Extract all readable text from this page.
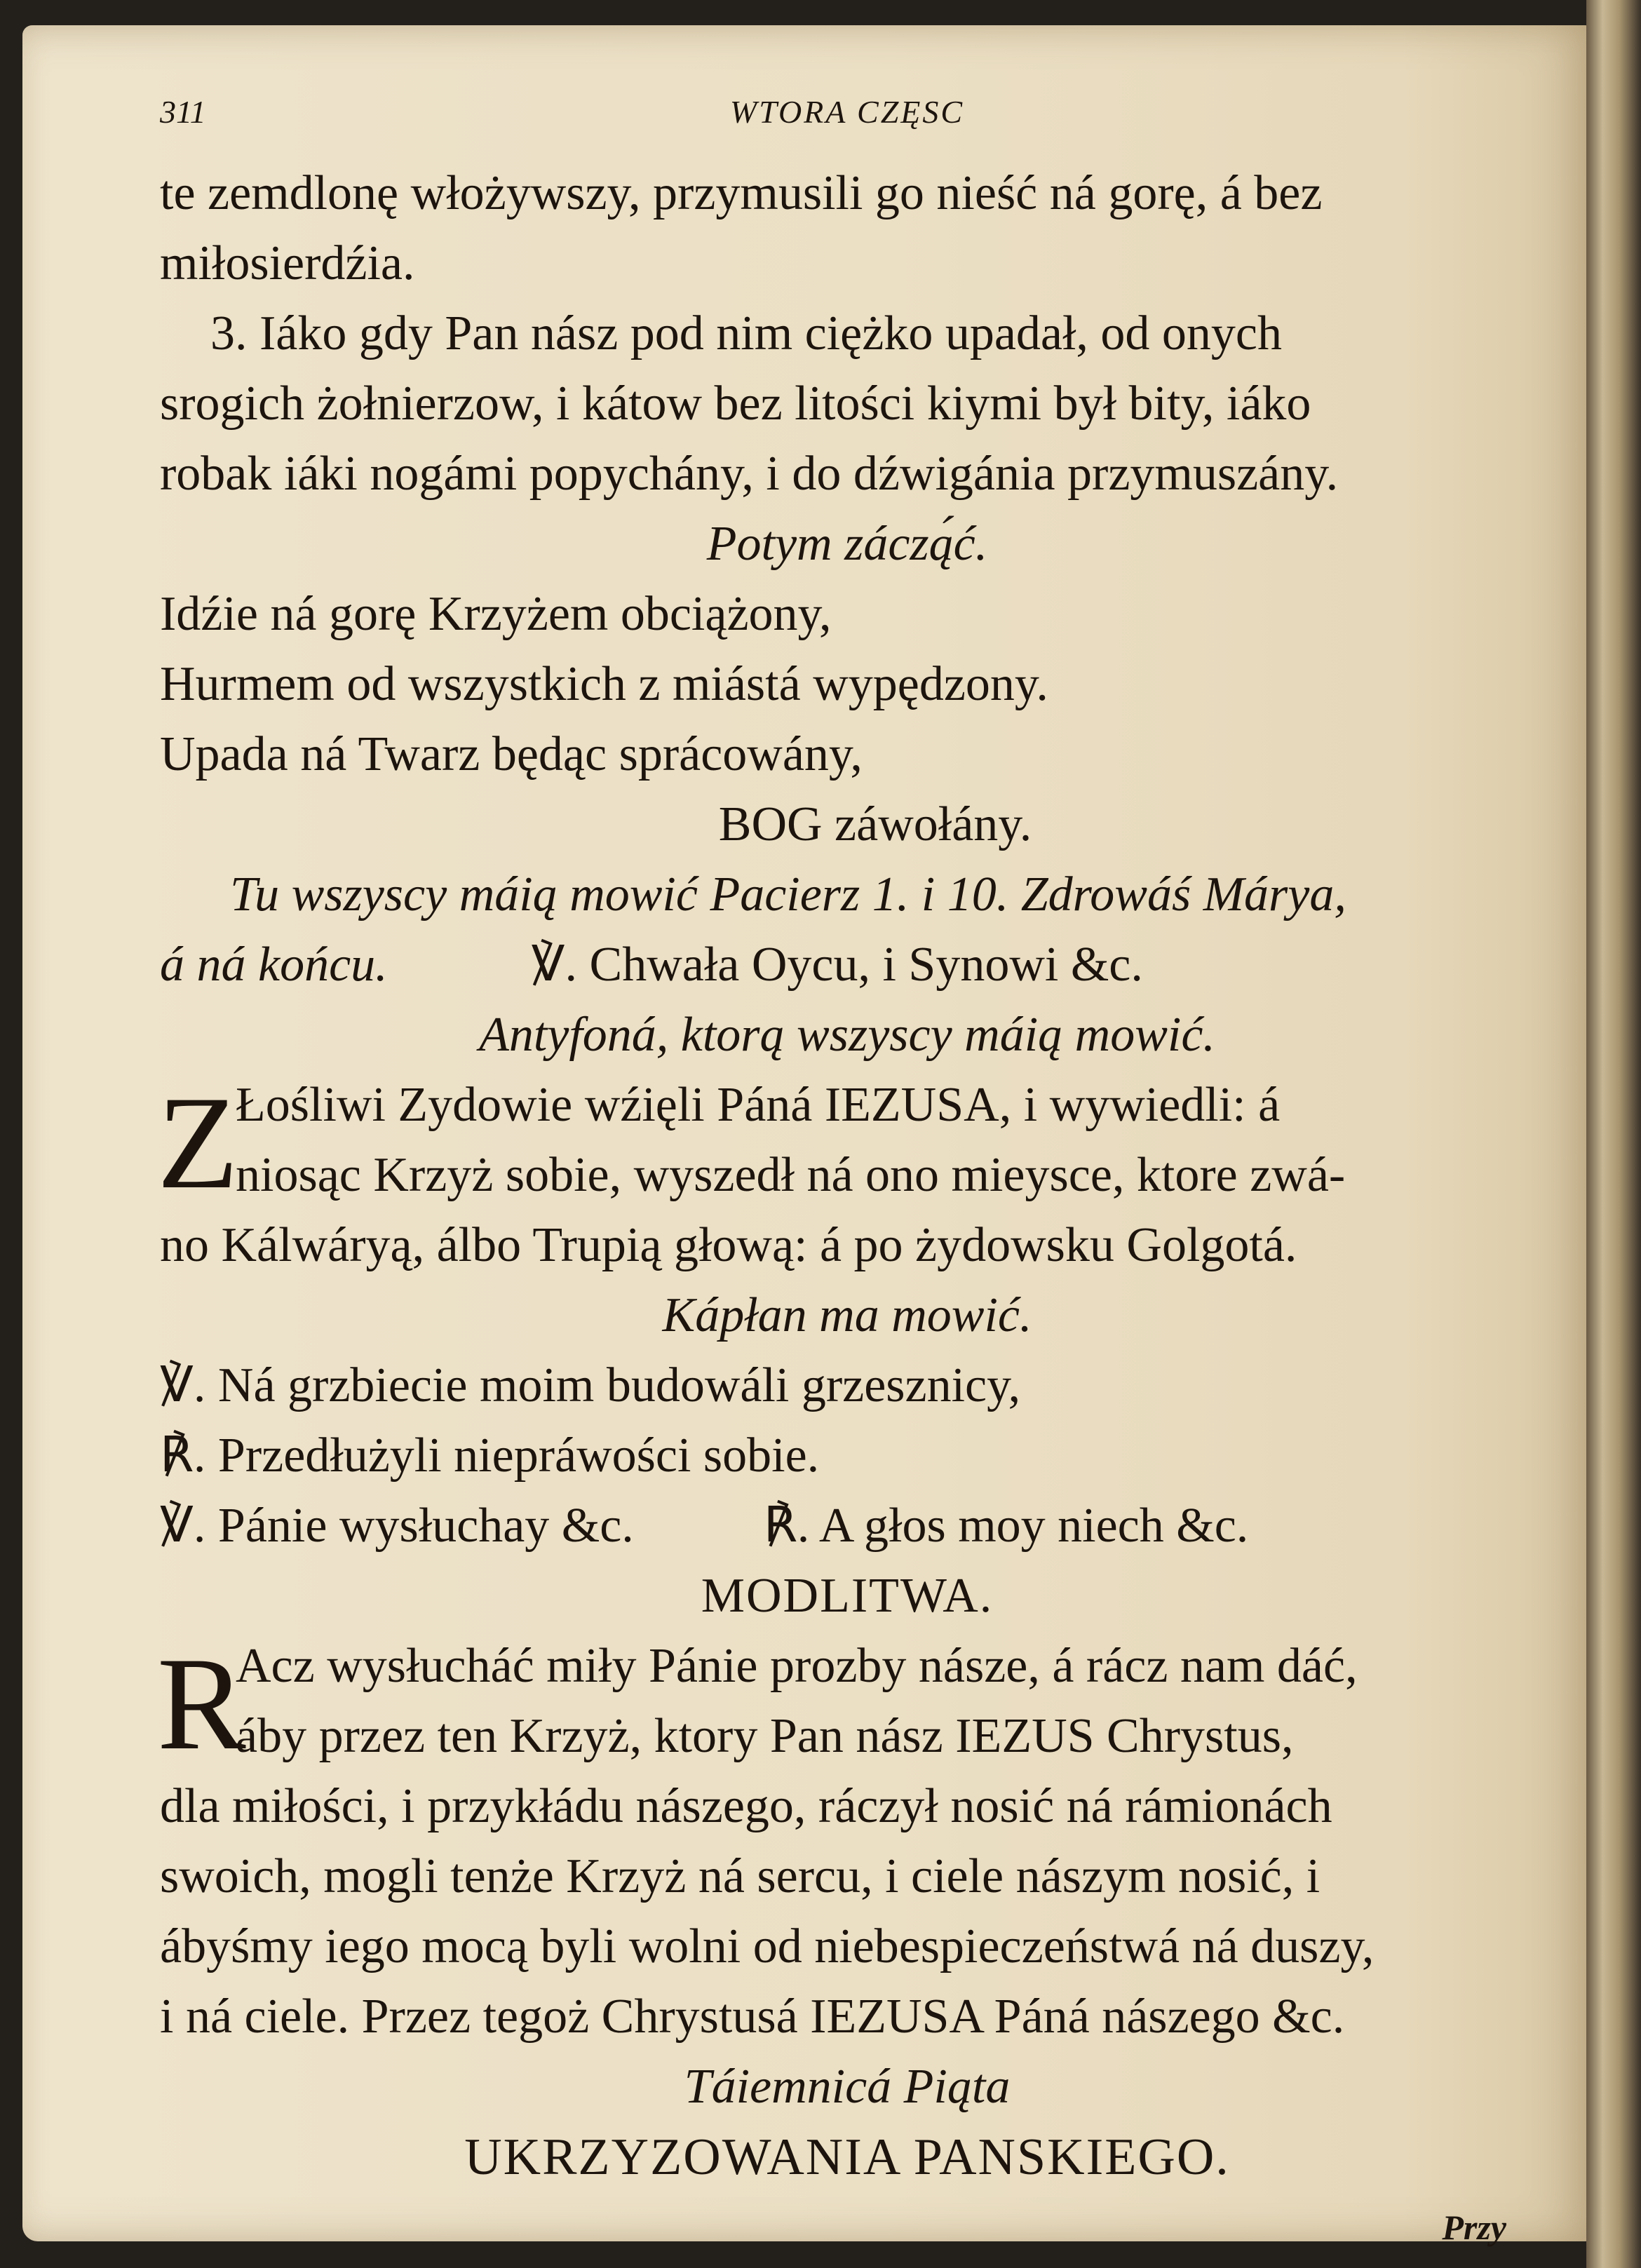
311	WTORA CZĘSC
te zemdlonę włożywszy, przymusili go nieść ná gorę, á bez
miłosierdźia.
3. Iáko gdy Pan nász pod nim ciężko upadał, od onych
srogich żołnierzow, i kátow bez litości kiymi był bity, iáko
robak iáki nogámi popychány, i do dźwigánia przymuszány.
Potym záczą́ć.
Idźie ná gorę Krzyżem obciążony,
Hurmem od wszystkich z miástá wypędzony.
Upada ná Twarz będąc sprácowány,
BOG záwołány.
Tu wszyscy máią mowić Pacierz 1. i 10. Zdrowáś Márya,
á ná końcu.	℣. Chwała Oycu, i Synowi &c.
Antyfoná, ktorą wszyscy máią mowić.
Z
Łośliwi Zydowie wźięli Páná IEZUSA, i wywiedli: á
niosąc Krzyż sobie, wyszedł ná ono mieysce, ktore zwá-
no Kálwáryą, álbo Trupią głową: á po żydowsku Golgotá.
Kápłan ma mowić.
℣. Ná grzbiecie moim budowáli grzesznicy,
℟. Przedłużyli niepráwości sobie.
℣. Pánie wysłuchay &c.	℟. A głos moy niech &c.
MODLITWA.
R
Acz wysłucháć miły Pánie prozby násze, á rácz nam dáć,
áby przez ten Krzyż, ktory Pan nász IEZUS Chrystus,
dla miłości, i przykłádu nászego, ráczył nosić ná rámionách
swoich, mogli tenże Krzyż ná sercu, i ciele nászym nosić, i
ábyśmy iego mocą byli wolni od niebespieczeństwá ná duszy,
i ná ciele. Przez tegoż Chrystusá IEZUSA Páná nászego &c.
Táiemnicá Piąta
UKRZYZOWANIA PANSKIEGO.
Przy
